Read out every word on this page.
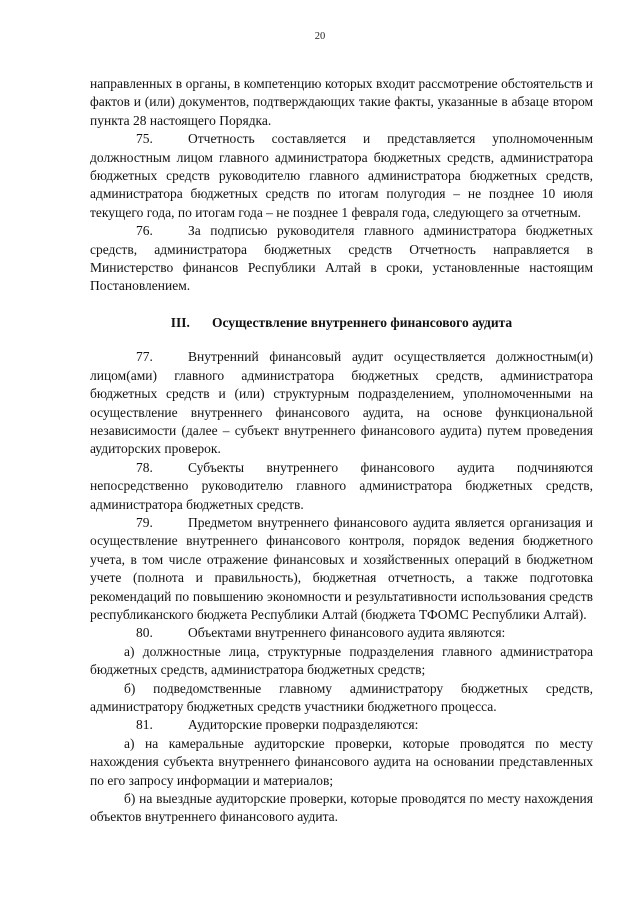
20

направленных в органы, в компетенцию которых входит рассмотрение обстоятельств и фактов и (или) документов, подтверждающих такие факты, указанные в абзаце втором пункта 28 настоящего Порядка.

75.	Отчетность составляется и представляется уполномоченным должностным лицом главного администратора бюджетных средств, администратора бюджетных средств руководителю главного администратора бюджетных средств, администратора бюджетных средств по итогам полугодия – не позднее 10 июля текущего года, по итогам года – не позднее 1 февраля года, следующего за отчетным.

76.	За подписью руководителя главного администратора бюджетных средств, администратора бюджетных средств Отчетность направляется в Министерство финансов Республики Алтай в сроки, установленные настоящим Постановлением.

III. Осуществление внутреннего финансового аудита

77.	Внутренний финансовый аудит осуществляется должностным(и) лицом(ами) главного администратора бюджетных средств, администратора бюджетных средств и (или) структурным подразделением, уполномоченными на осуществление внутреннего финансового аудита, на основе функциональной независимости (далее – субъект внутреннего финансового аудита) путем проведения аудиторских проверок.

78.	Субъекты внутреннего финансового аудита подчиняются непосредственно руководителю главного администратора бюджетных средств, администратора бюджетных средств.

79.	Предметом внутреннего финансового аудита является организация и осуществление внутреннего финансового контроля, порядок ведения бюджетного учета, в том числе отражение финансовых и хозяйственных операций в бюджетном учете (полнота и правильность), бюджетная отчетность, а также подготовка рекомендаций по повышению экономности и результативности использования средств республиканского бюджета Республики Алтай (бюджета ТФОМС Республики Алтай).

80.	Объектами внутреннего финансового аудита являются:

а) должностные лица, структурные подразделения главного администратора бюджетных средств, администратора бюджетных средств;

б) подведомственные главному администратору бюджетных средств, администратору бюджетных средств участники бюджетного процесса.

81.	Аудиторские проверки подразделяются:

а) на камеральные аудиторские проверки, которые проводятся по месту нахождения субъекта внутреннего финансового аудита на основании представленных по его запросу информации и материалов;

б) на выездные аудиторские проверки, которые проводятся по месту нахождения объектов внутреннего финансового аудита.
